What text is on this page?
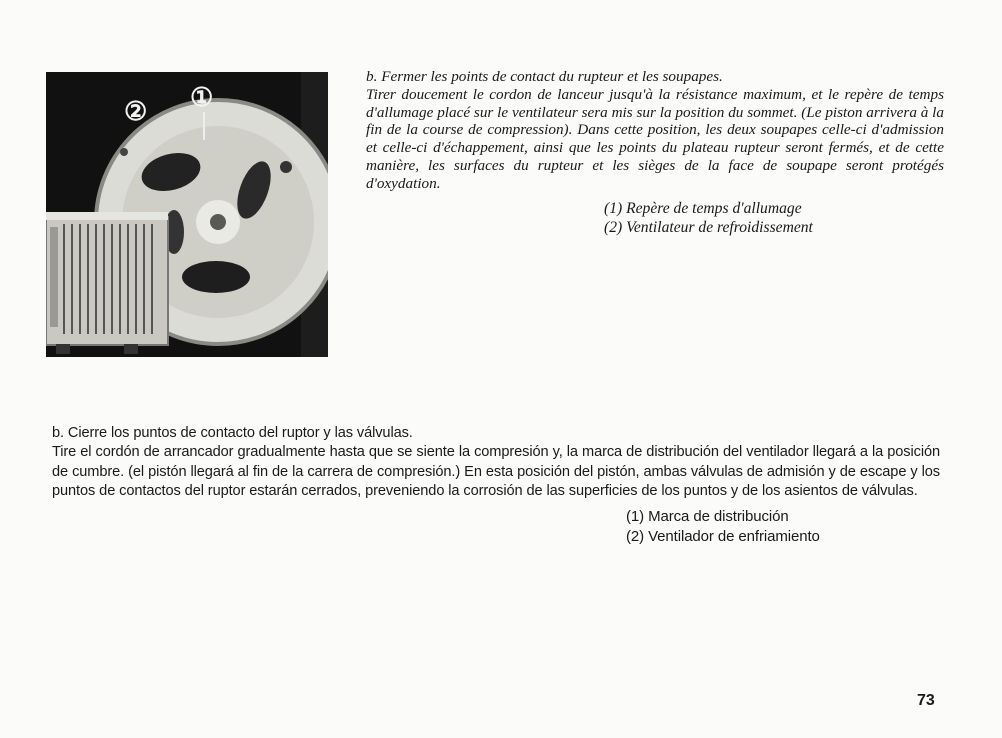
①
②

b. Fermer les points de contact du rupteur et les soupapes.

Tirer doucement le cordon de lanceur jusqu'à la résistance maximum, et le repère de temps d'allumage placé sur le ventilateur sera mis sur la position du sommet. (Le piston arrivera à la fin de la course de compression). Dans cette position, les deux soupapes celle-ci d'admission et celle-ci d'échappement, ainsi que les points du plateau rupteur seront fermés, et de cette manière, les surfaces du rupteur et les sièges de la face de soupape seront protégés d'oxydation.

(1) Repère de temps d'allumage
(2) Ventilateur de refroidissement

b. Cierre los puntos de contacto del ruptor y las válvulas.

Tire el cordón de arrancador gradualmente hasta que se siente la compresión y, la marca de distribución del ventilador llegará a la posición de cumbre. (el pistón llegará al fin de la carrera de compresión.) En esta posición del pistón, ambas válvulas de admisión y de escape y los puntos de contactos del ruptor estarán cerrados, preveniendo la corrosión de las superficies de los puntos y de los asientos de válvulas.

(1) Marca de distribución
(2) Ventilador de enfriamiento
73
